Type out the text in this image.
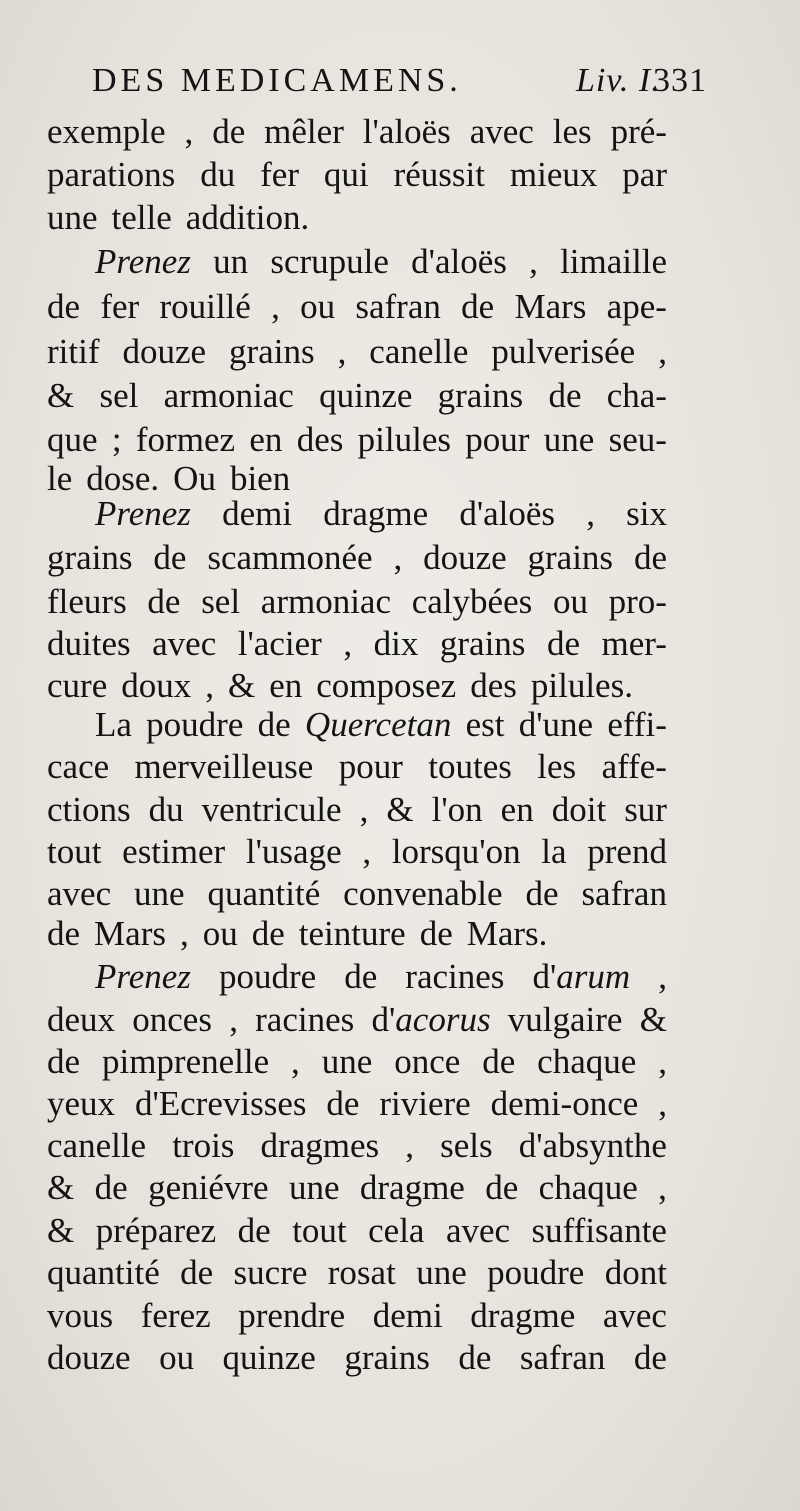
DES MEDICAMENS.	Liv. I.
331
exemple , de mêler l'aloës avec les pré-
parations du fer qui réussit mieux par
une telle addition.
Prenez un scrupule d'aloës , limaille
de fer rouillé , ou safran de Mars ape-
ritif douze grains , canelle pulverisée ,
& sel armoniac quinze grains de cha-
que ; formez en des pilules pour une seu-
le dose. Ou bien
Prenez demi dragme d'aloës , six
grains de scammonée , douze grains de
fleurs de sel armoniac calybées ou pro-
duites avec l'acier , dix grains de mer-
cure doux , & en composez des pilules.
La poudre de Quercetan est d'une effi-
cace merveilleuse pour toutes les affe-
ctions du ventricule , & l'on en doit sur
tout estimer l'usage , lorsqu'on la prend
avec une quantité convenable de safran
de Mars , ou de teinture de Mars.
Prenez poudre de racines d'arum ,
deux onces , racines d'acorus vulgaire &
de pimprenelle , une once de chaque ,
yeux d'Ecrevisses de riviere demi-once ,
canelle trois dragmes , sels d'absynthe
& de geniévre une dragme de chaque ,
& préparez de tout cela avec suffisante
quantité de sucre rosat une poudre dont
vous ferez prendre demi dragme avec
douze ou quinze grains de safran de
